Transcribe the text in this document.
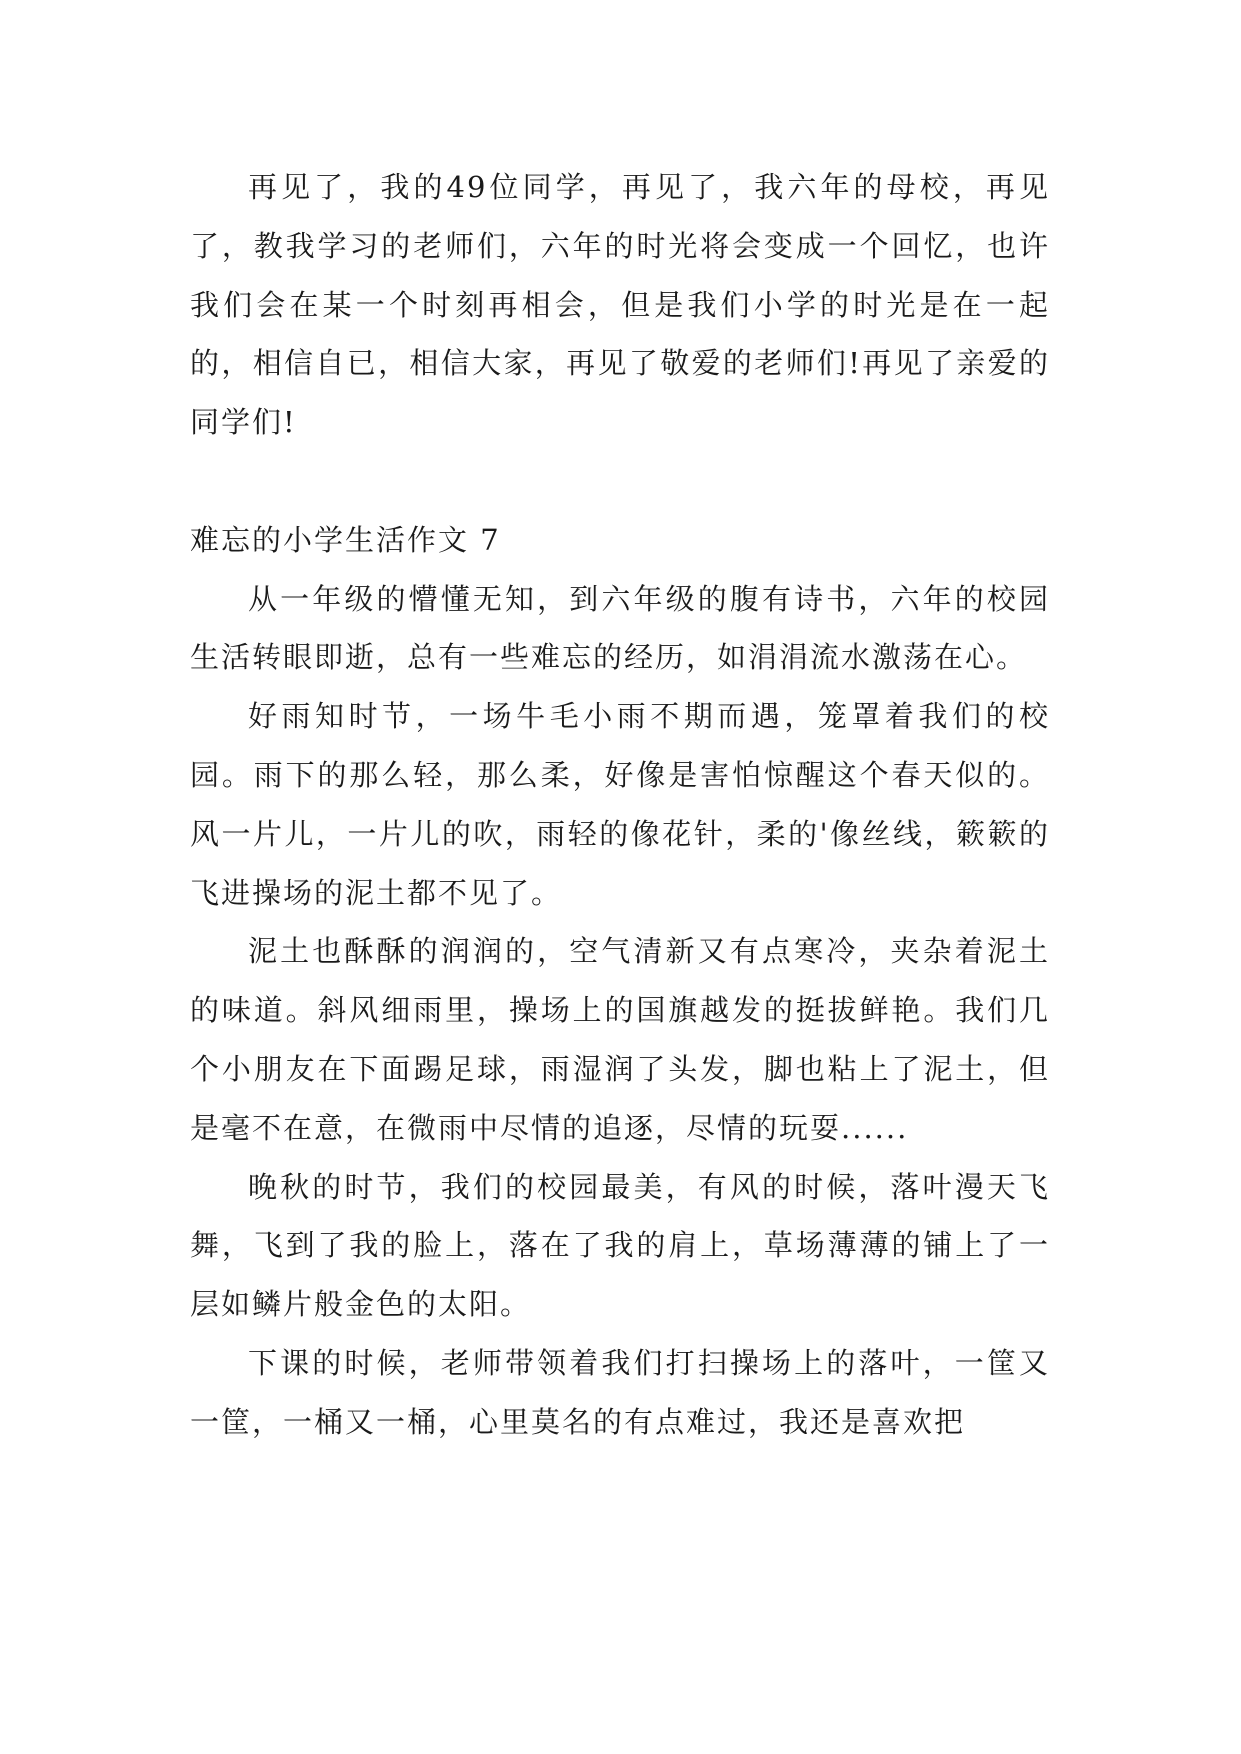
再见了，我的49位同学，再见了，我六年的母校，再见了，教我学习的老师们，六年的时光将会变成一个回忆，也许我们会在某一个时刻再相会，但是我们小学的时光是在一起的，相信自已，相信大家，再见了敬爱的老师们!再见了亲爱的同学们!

难忘的小学生活作文 7

从一年级的懵懂无知，到六年级的腹有诗书，六年的校园生活转眼即逝，总有一些难忘的经历，如涓涓流水激荡在心。

好雨知时节，一场牛毛小雨不期而遇，笼罩着我们的校园。雨下的那么轻，那么柔，好像是害怕惊醒这个春天似的。风一片儿，一片儿的吹，雨轻的像花针，柔的'像丝线，簌簌的飞进操场的泥土都不见了。

泥土也酥酥的润润的，空气清新又有点寒冷，夹杂着泥土的味道。斜风细雨里，操场上的国旗越发的挺拔鲜艳。我们几个小朋友在下面踢足球，雨湿润了头发，脚也粘上了泥土，但是毫不在意，在微雨中尽情的追逐，尽情的玩耍......

晚秋的时节，我们的校园最美，有风的时候，落叶漫天飞舞，飞到了我的脸上，落在了我的肩上，草场薄薄的铺上了一层如鳞片般金色的太阳。

下课的时候，老师带领着我们打扫操场上的落叶，一筐又一筐，一桶又一桶，心里莫名的有点难过，我还是喜欢把
